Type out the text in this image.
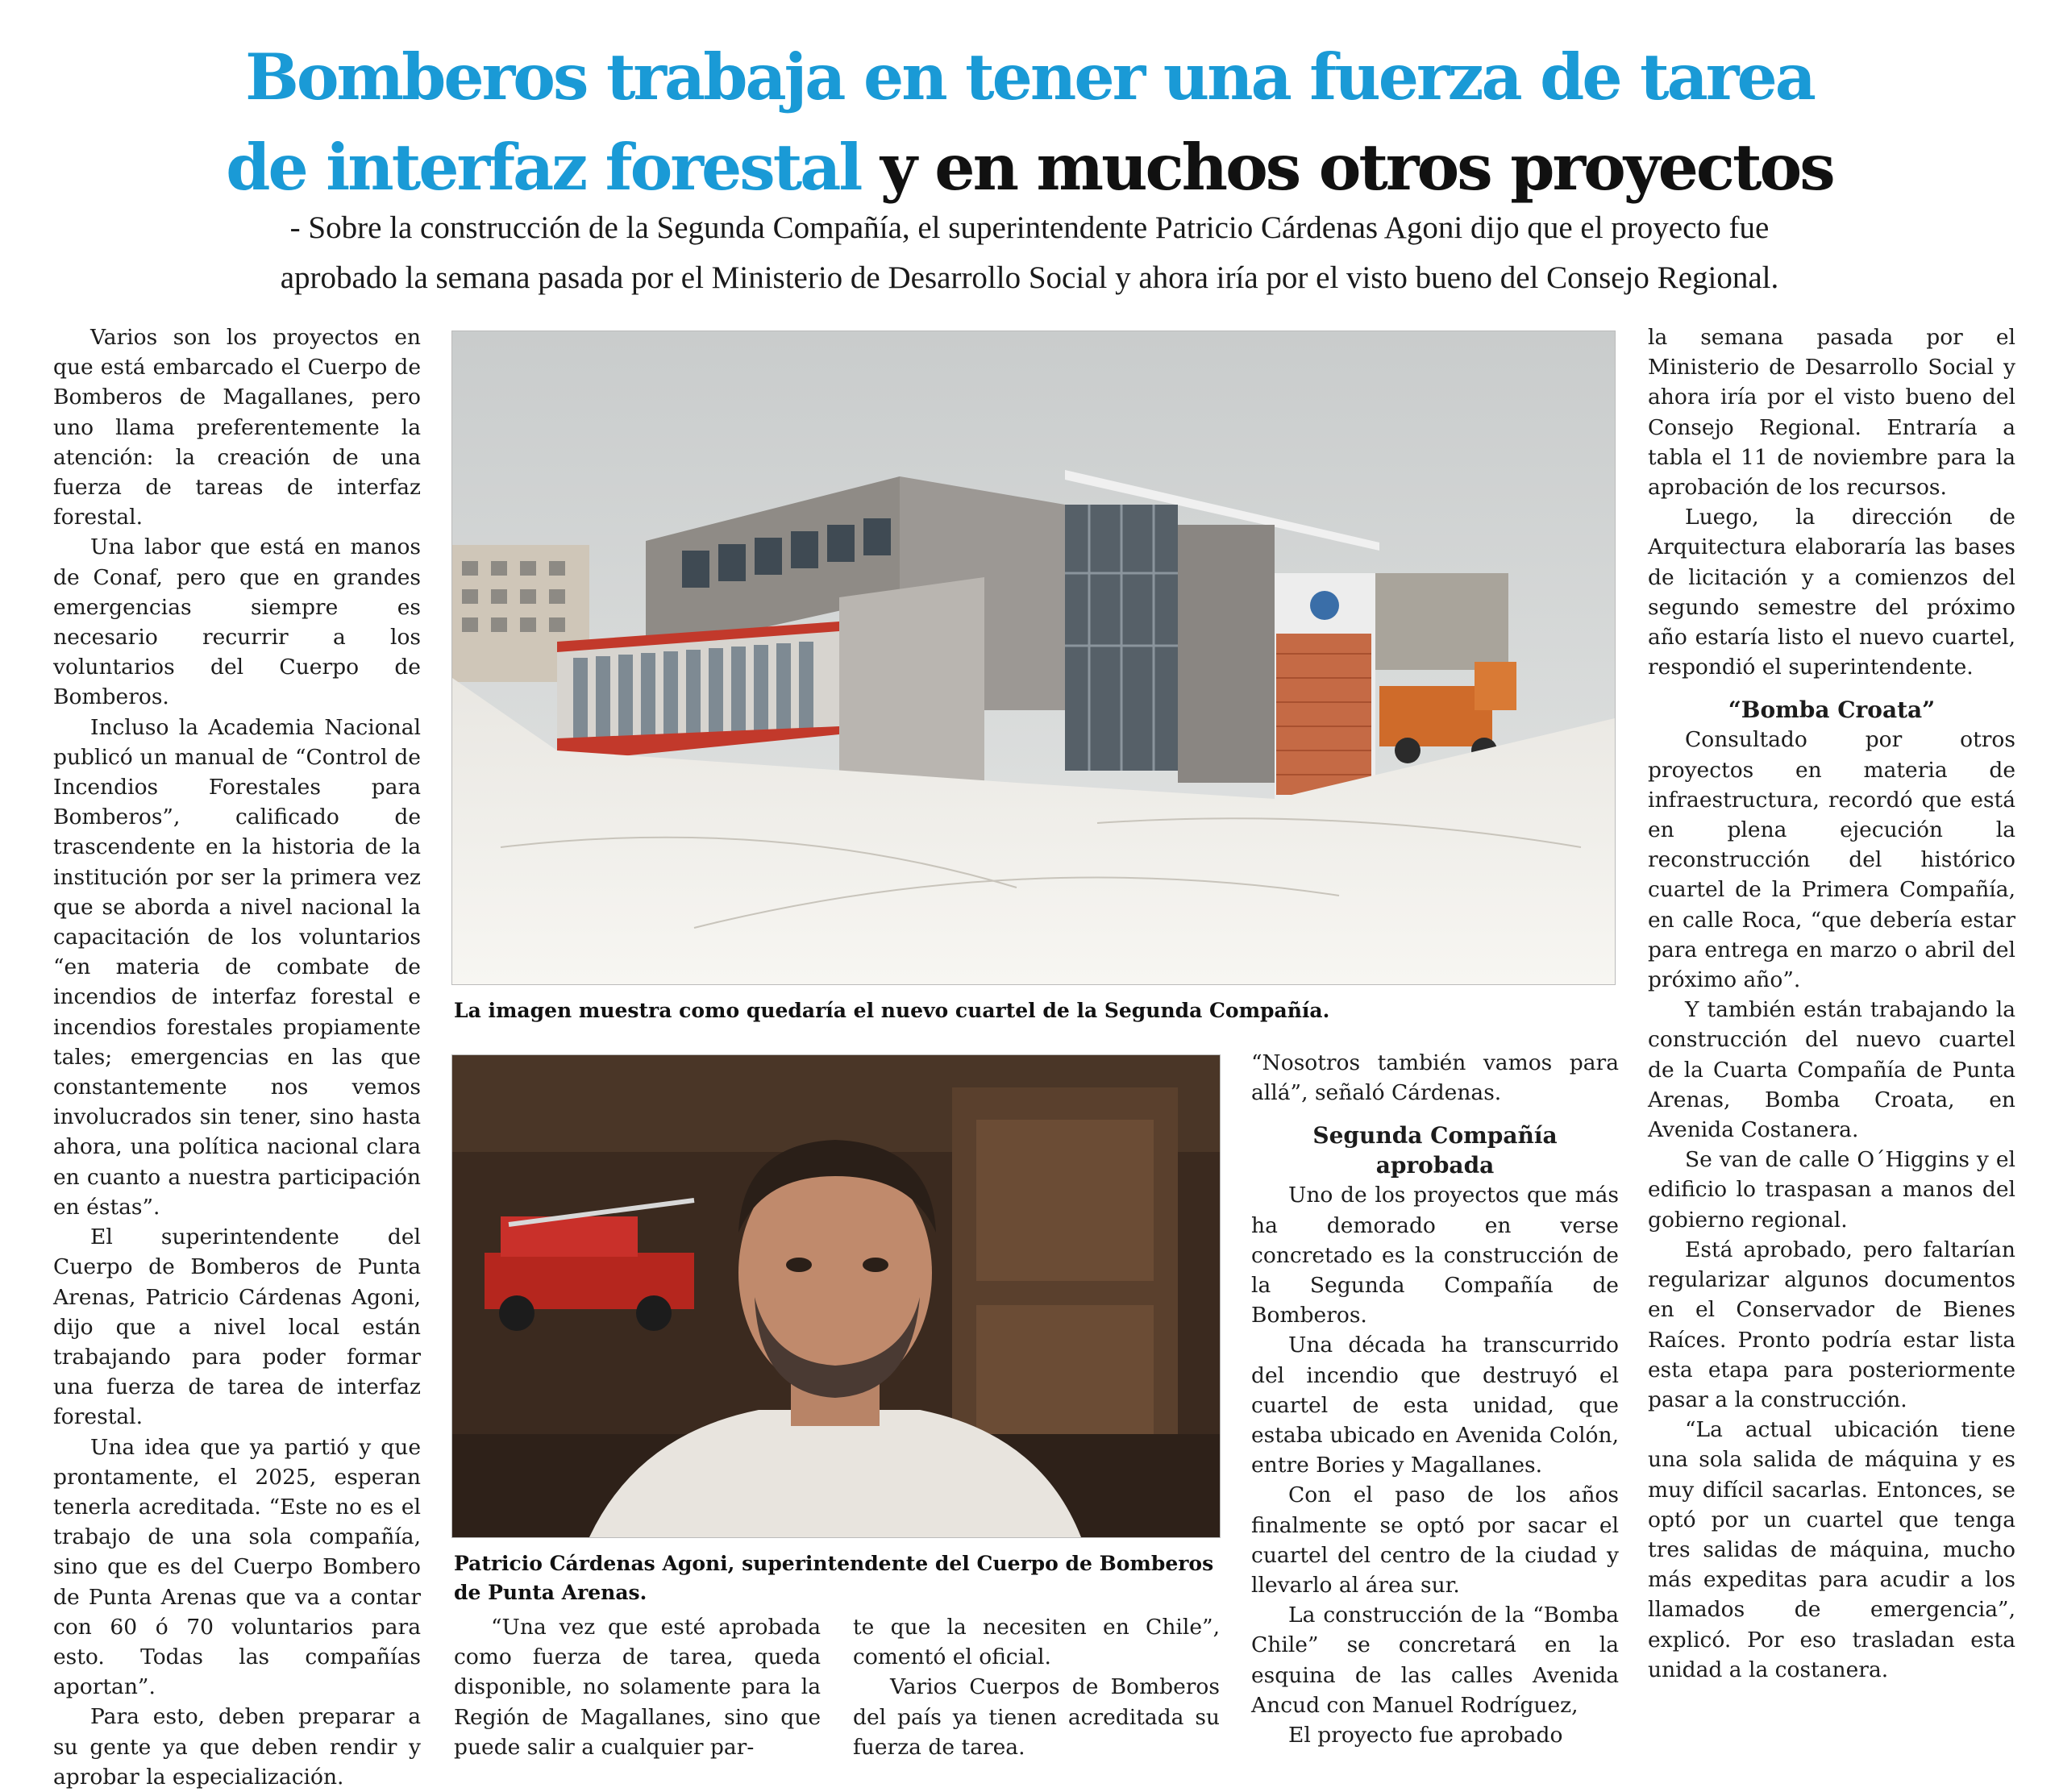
Bomberos trabaja en tener una fuerza de tarea
de interfaz forestal y en muchos otros proyectos
- Sobre la construcción de la Segunda Compañía, el superintendente Patricio Cárdenas Agoni dijo que el proyecto fue
aprobado la semana pasada por el Ministerio de Desarrollo Social y ahora iría por el visto bueno del Consejo Regional.

Varios son los proyectos en que está embarcado el Cuerpo de Bomberos de Magallanes, pero uno llama preferentemente la atención: la creación de una fuerza de tareas de interfaz forestal.

Una labor que está en manos de Conaf, pero que en grandes emergencias siempre es necesario recurrir a los voluntarios del Cuerpo de Bomberos.

Incluso la Academia Nacional publicó un manual de “Control de Incendios Forestales para Bomberos”, calificado de trascendente en la historia de la institución por ser la primera vez que se aborda a nivel nacional la capacitación de los voluntarios “en materia de combate de incendios de interfaz forestal e incendios forestales propiamente tales; emergencias en las que constantemente nos vemos involucrados sin tener, sino hasta ahora, una política nacional clara en cuanto a nuestra participación en éstas”.

El superintendente del Cuerpo de Bomberos de Punta Arenas, Patricio Cárdenas Agoni, dijo que a nivel local están trabajando para poder formar una fuerza de tarea de interfaz forestal.

Una idea que ya partió y que prontamente, el 2025, esperan tenerla acreditada. “Este no es el trabajo de una sola compañía, sino que es del Cuerpo Bombero de Punta Arenas que va a contar con 60 ó 70 voluntarios para esto. Todas las compañías aportan”.

Para esto, deben preparar a su gente ya que deben rendir y aprobar la especialización.

La imagen muestra como quedaría el nuevo cuartel de la Segunda Compañía.
Patricio Cárdenas Agoni, superintendente del Cuerpo de Bomberos de Punta Arenas.

“Una vez que esté aprobada como fuerza de tarea, queda disponible, no solamente para la Región de Magallanes, sino que puede salir a cualquier par-

te que la necesiten en Chile”, comentó el oficial.

Varios Cuerpos de Bomberos del país ya tienen acreditada su fuerza de tarea.

“Nosotros también vamos para allá”, señaló Cárdenas.

Segunda Compañía aprobada

Uno de los proyectos que más ha demorado en verse concretado es la construcción de la Segunda Compañía de Bomberos.

Una década ha transcurrido del incendio que destruyó el cuartel de esta unidad, que estaba ubicado en Avenida Colón, entre Bories y Magallanes.

Con el paso de los años finalmente se optó por sacar el cuartel del centro de la ciudad y llevarlo al área sur.

La construcción de la “Bomba Chile” se concretará en la esquina de las calles Avenida Ancud con Manuel Rodríguez,

El proyecto fue aprobado

la semana pasada por el Ministerio de Desarrollo Social y ahora iría por el visto bueno del Consejo Regional. Entraría a tabla el 11 de noviembre para la aprobación de los recursos.

Luego, la dirección de Arquitectura elaboraría las bases de licitación y a comienzos del segundo semestre del próximo año estaría listo el nuevo cuartel, respondió el superintendente.

“Bomba Croata”

Consultado por otros proyectos en materia de infraestructura, recordó que está en plena ejecución la reconstrucción del histórico cuartel de la Primera Compañía, en calle Roca, “que debería estar para entrega en marzo o abril del próximo año”.

Y también están trabajando la construcción del nuevo cuartel de la Cuarta Compañía de Punta Arenas, Bomba Croata, en Avenida Costanera.

Se van de calle O´Higgins y el edificio lo traspasan a manos del gobierno regional.

Está aprobado, pero faltarían regularizar algunos documentos en el Conservador de Bienes Raíces. Pronto podría estar lista esta etapa para posteriormente pasar a la construcción.

“La actual ubicación tiene una sola salida de máquina y es muy difícil sacarlas. Entonces, se optó por un cuartel que tenga tres salidas de máquina, mucho más expeditas para acudir a los llamados de emergencia”, explicó. Por eso trasladan esta unidad a la costanera.
